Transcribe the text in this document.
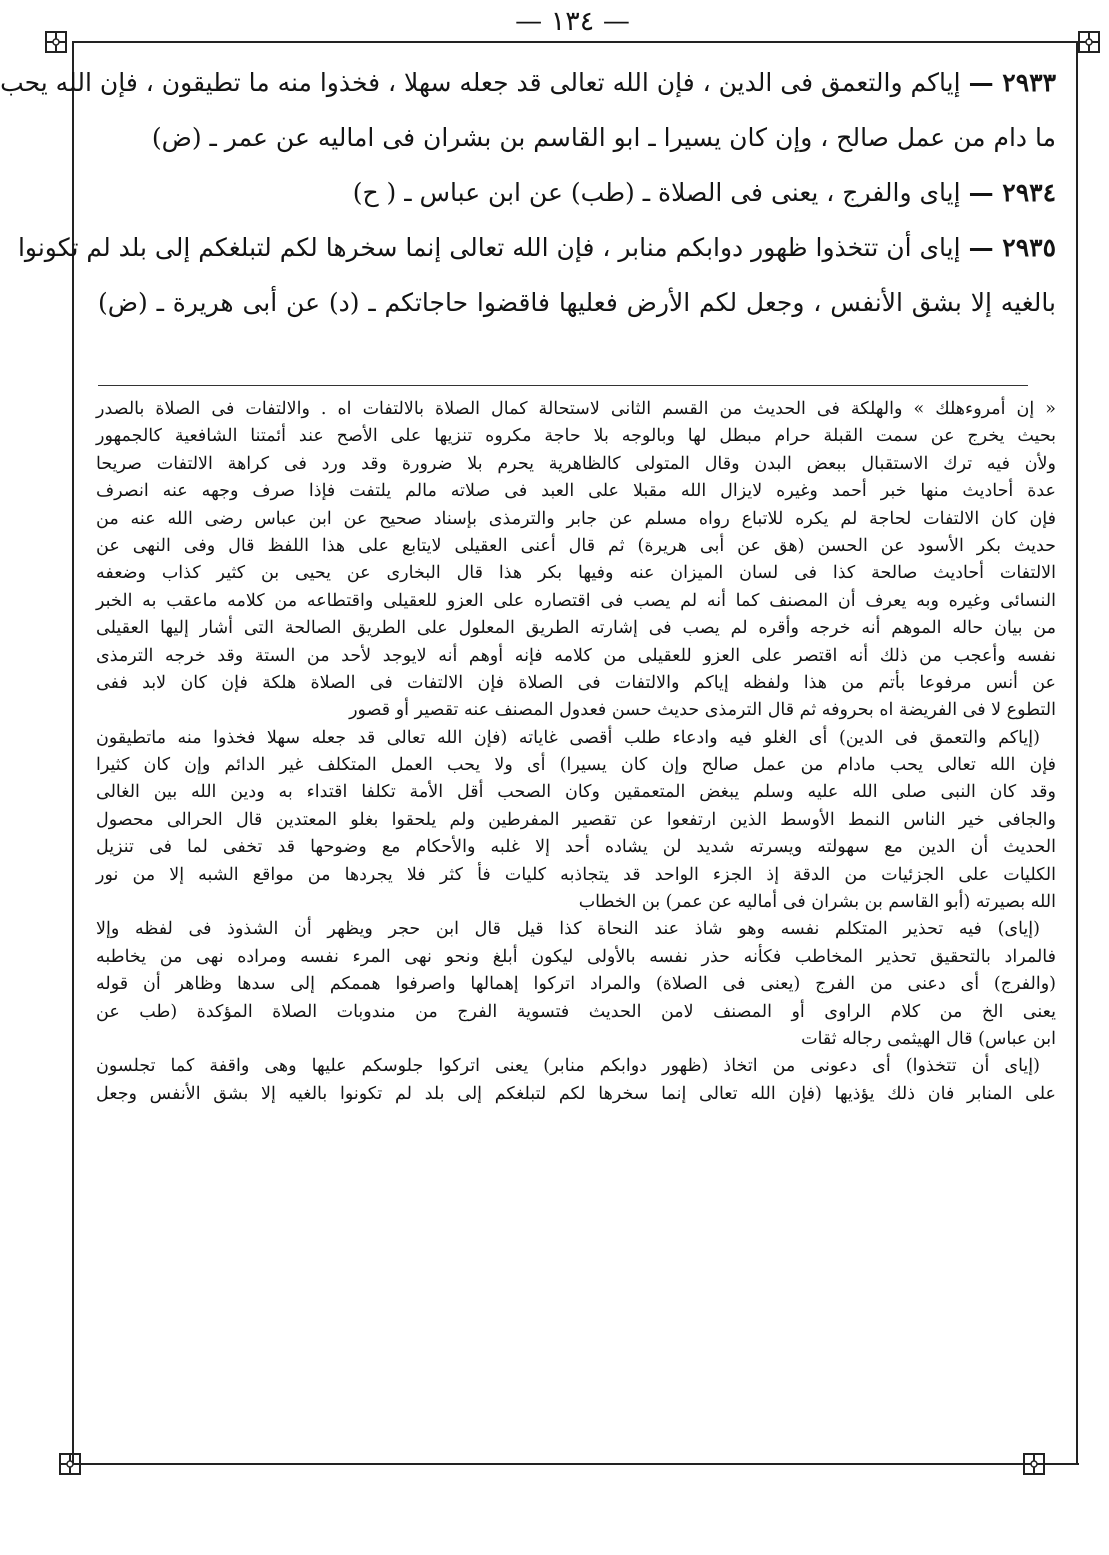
— ١٣٤ —
٢٩٣٣ —إياكم والتعمق فى الدين ، فإن الله تعالى قد جعله سهلا ، فخذوا منه ما تطيقون ، فإن الله يحب
ما دام من عمل صالح ، وإن كان يسيرا ـ ابو القاسم بن بشران فى اماليه عن عمر ـ (ض)
٢٩٣٤ —إياى والفرج ، يعنى فى الصلاة ـ (طب) عن ابن عباس ـ ( ح)
٢٩٣٥ —إياى أن تتخذوا ظهور دوابكم منابر ، فإن الله تعالى إنما سخرها لكم لتبلغكم إلى بلد لم تكونوا
بالغيه إلا بشق الأنفس ، وجعل لكم الأرض فعليها فاقضوا حاجاتكم ـ (د) عن أبى هريرة ـ (ض)
« إن أمروءهلك » والهلكة فى الحديث من القسم الثانى لاستحالة كمال الصلاة بالالتفات اه . والالتفات فى الصلاة بالصدر
بحيث يخرج عن سمت القبلة حرام مبطل لها وبالوجه بلا حاجة مكروه تنزيها على الأصح عند أئمتنا الشافعية كالجمهور
ولأن فيه ترك الاستقبال ببعض البدن وقال المتولى كالظاهرية يحرم بلا ضرورة وقد ورد فى كراهة الالتفات صريحا
عدة أحاديث منها خبر أحمد وغيره لايزال الله مقبلا على العبد فى صلاته مالم يلتفت فإذا صرف وجهه عنه انصرف
فإن كان الالتفات لحاجة لم يكره للاتباع رواه مسلم عن جابر والترمذى بإسناد صحيح عن ابن عباس رضى الله عنه من
حديث بكر الأسود عن الحسن (هق عن أبى هريرة) ثم قال أعنى العقيلى لايتابع على هذا اللفظ قال وفى النهى عن
الالتفات أحاديث صالحة كذا فى لسان الميزان عنه وفيها بكر هذا قال البخارى عن يحيى بن كثير كذاب وضعفه
النسائى وغيره وبه يعرف أن المصنف كما أنه لم يصب فى اقتصاره على العزو للعقيلى واقتطاعه من كلامه ماعقب به الخبر
من بيان حاله الموهم أنه خرجه وأقره لم يصب فى إشارته الطريق المعلول على الطريق الصالحة التى أشار إليها العقيلى
نفسه وأعجب من ذلك أنه اقتصر على العزو للعقيلى من كلامه فإنه أوهم أنه لايوجد لأحد من الستة وقد خرجه الترمذى
عن أنس مرفوعا بأتم من هذا ولفظه إياكم والالتفات فى الصلاة فإن الالتفات فى الصلاة هلكة فإن كان لابد ففى
التطوع لا فى الفريضة اه بحروفه ثم قال الترمذى حديث حسن فعدول المصنف عنه تقصير أو قصور
(إياكم والتعمق فى الدين) أى الغلو فيه وادعاء طلب أقصى غاياته (فإن الله تعالى قد جعله سهلا فخذوا منه ماتطيقون
فإن الله تعالى يحب مادام من عمل صالح وإن كان يسيرا) أى ولا يحب العمل المتكلف غير الدائم وإن كان كثيرا
وقد كان النبى صلى الله عليه وسلم يبغض المتعمقين وكان الصحب أقل الأمة تكلفا اقتداء به ودين الله بين الغالى
والجافى خير الناس النمط الأوسط الذين ارتفعوا عن تقصير المفرطين ولم يلحقوا بغلو المعتدين قال الحرالى محصول
الحديث أن الدين مع سهولته ويسرته شديد لن يشاده أحد إلا غلبه والأحكام مع وضوحها قد تخفى لما فى تنزيل
الكليات على الجزئيات من الدقة إذ الجزء الواحد قد يتجاذبه كليات فأ كثر فلا يجردها من مواقع الشبه إلا من نور
الله بصيرته (أبو القاسم بن بشران فى أماليه عن عمر) بن الخطاب
(إياى) فيه تحذير المتكلم نفسه وهو شاذ عند النحاة كذا قيل قال ابن حجر ويظهر أن الشذوذ فى لفظه وإلا
فالمراد بالتحقيق تحذير المخاطب فكأنه حذر نفسه بالأولى ليكون أبلغ ونحو نهى المرء نفسه ومراده نهى من يخاطبه
(والفرج) أى دعنى من الفرج (يعنى فى الصلاة) والمراد اتركوا إهمالها واصرفوا هممكم إلى سدها وظاهر أن قوله
يعنى الخ من كلام الراوى أو المصنف لامن الحديث فتسوية الفرج من مندوبات الصلاة المؤكدة (طب عن
ابن عباس) قال الهيثمى رجاله ثقات
(إياى أن تتخذوا) أى دعونى من اتخاذ (ظهور دوابكم منابر) يعنى اتركوا جلوسكم عليها وهى واقفة كما تجلسون
على المنابر فان ذلك يؤذيها (فإن الله تعالى إنما سخرها لكم لتبلغكم إلى بلد لم تكونوا بالغيه إلا بشق الأنفس وجعل
